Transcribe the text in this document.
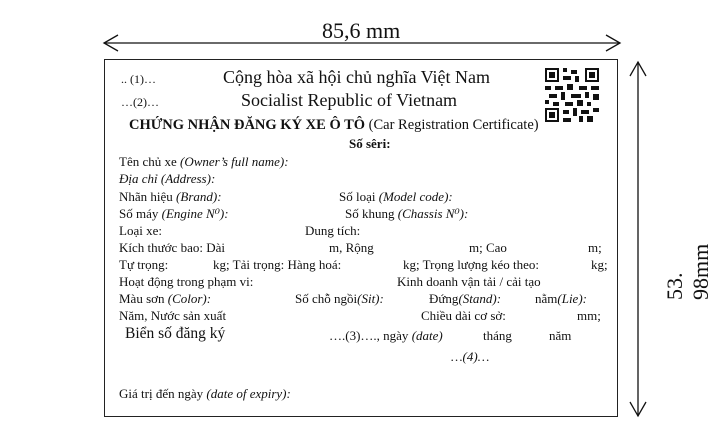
85,6 mm
53. 98mm
.. (1)…	Cộng hòa xã hội chủ nghĩa Việt Nam
…(2)…	Socialist Republic of Vietnam
CHỨNG NHẬN ĐĂNG KÝ XE Ô TÔ (Car Registration Certificate)
Số sêri:
Tên chủ xe (Owner’s full name):
Địa chỉ (Address):
Nhãn hiệu (Brand):	Số loại (Model code):
Số máy (Engine N⁰):	Số khung (Chassis N⁰):
Loại xe:	Dung tích:
Kích thước bao: Dài	m, Rộng	m; Cao	m;
Tự trọng:	kg; Tải trọng: Hàng hoá:	kg; Trọng lượng kéo theo:	kg;
Hoạt động trong phạm vi:	Kinh doanh vận tải / cải tạo
Màu sơn (Color):	Số chỗ ngồi(Sit):	Đứng(Stand):	nằm(Lie):
Năm, Nước sản xuất	Chiều dài cơ sở:	mm;
Biển số đăng ký	….(3)…., ngày (date)	tháng	năm
…(4)…
Giá trị đến ngày (date of expiry):
